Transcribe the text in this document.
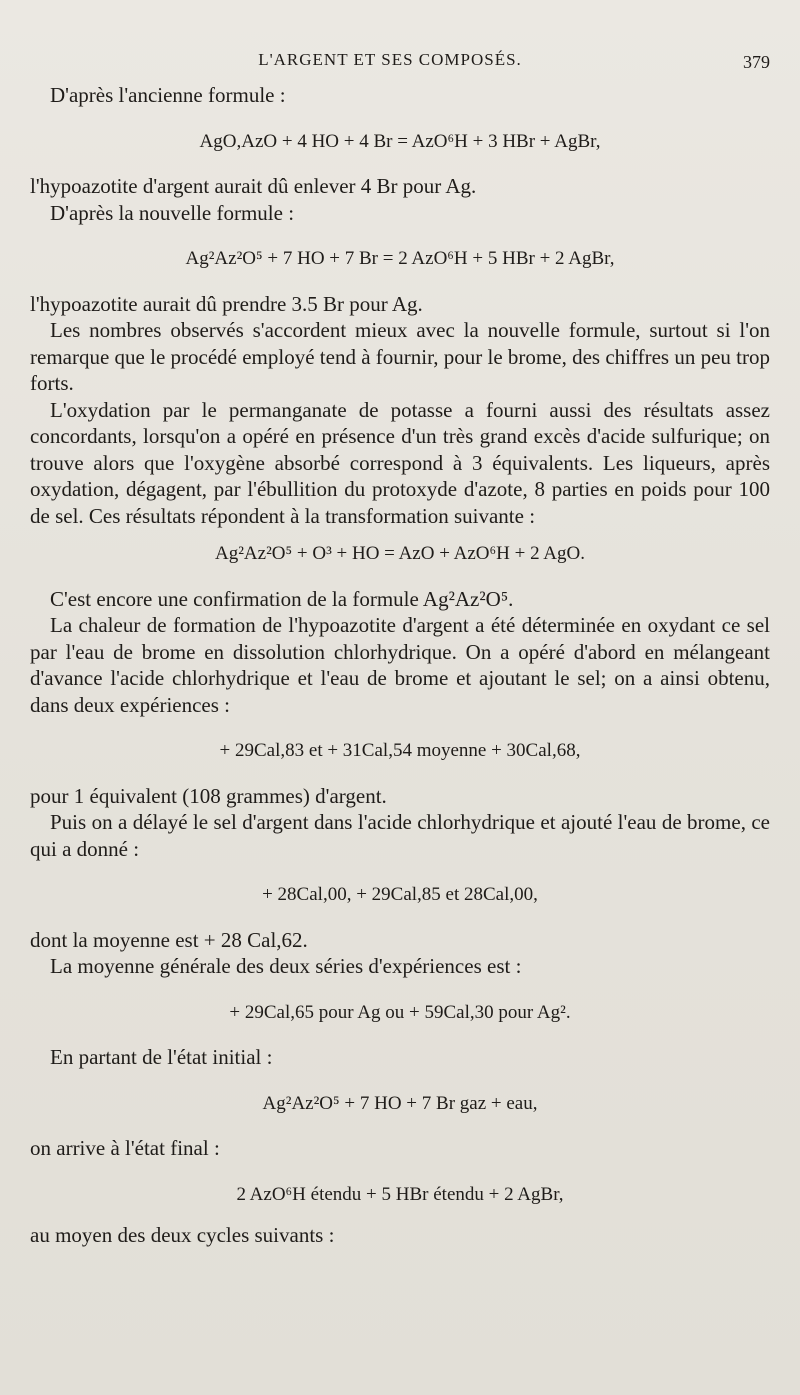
L'ARGENT ET SES COMPOSÉS.	379

D'après l'ancienne formule :

AgO,AzO + 4 HO + 4 Br = AzO⁶H + 3 HBr + AgBr,

l'hypoazotite d'argent aurait dû enlever 4 Br pour Ag.

D'après la nouvelle formule :

Ag²Az²O⁵ + 7 HO + 7 Br = 2 AzO⁶H + 5 HBr + 2 AgBr,

l'hypoazotite aurait dû prendre 3.5 Br pour Ag.

Les nombres observés s'accordent mieux avec la nouvelle formule, surtout si l'on remarque que le procédé employé tend à fournir, pour le brome, des chiffres un peu trop forts.

L'oxydation par le permanganate de potasse a fourni aussi des résultats assez concordants, lorsqu'on a opéré en présence d'un très grand excès d'acide sulfurique; on trouve alors que l'oxygène absorbé correspond à 3 équivalents. Les liqueurs, après oxydation, dégagent, par l'ébullition du protoxyde d'azote, 8 parties en poids pour 100 de sel. Ces résultats répondent à la transformation suivante :

Ag²Az²O⁵ + O³ + HO = AzO + AzO⁶H + 2 AgO.

C'est encore une confirmation de la formule Ag²Az²O⁵.

La chaleur de formation de l'hypoazotite d'argent a été déterminée en oxydant ce sel par l'eau de brome en dissolution chlorhydrique. On a opéré d'abord en mélangeant d'avance l'acide chlorhydrique et l'eau de brome et ajoutant le sel; on a ainsi obtenu, dans deux expériences :

+ 29Cal,83 et + 31Cal,54 moyenne + 30Cal,68,

pour 1 équivalent (108 grammes) d'argent.

Puis on a délayé le sel d'argent dans l'acide chlorhydrique et ajouté l'eau de brome, ce qui a donné :

+ 28Cal,00, + 29Cal,85 et 28Cal,00,

dont la moyenne est + 28 Cal,62.

La moyenne générale des deux séries d'expériences est :

+ 29Cal,65 pour Ag ou + 59Cal,30 pour Ag².

En partant de l'état initial :

Ag²Az²O⁵ + 7 HO + 7 Br gaz + eau,

on arrive à l'état final :

2 AzO⁶H étendu + 5 HBr étendu + 2 AgBr,

au moyen des deux cycles suivants :
